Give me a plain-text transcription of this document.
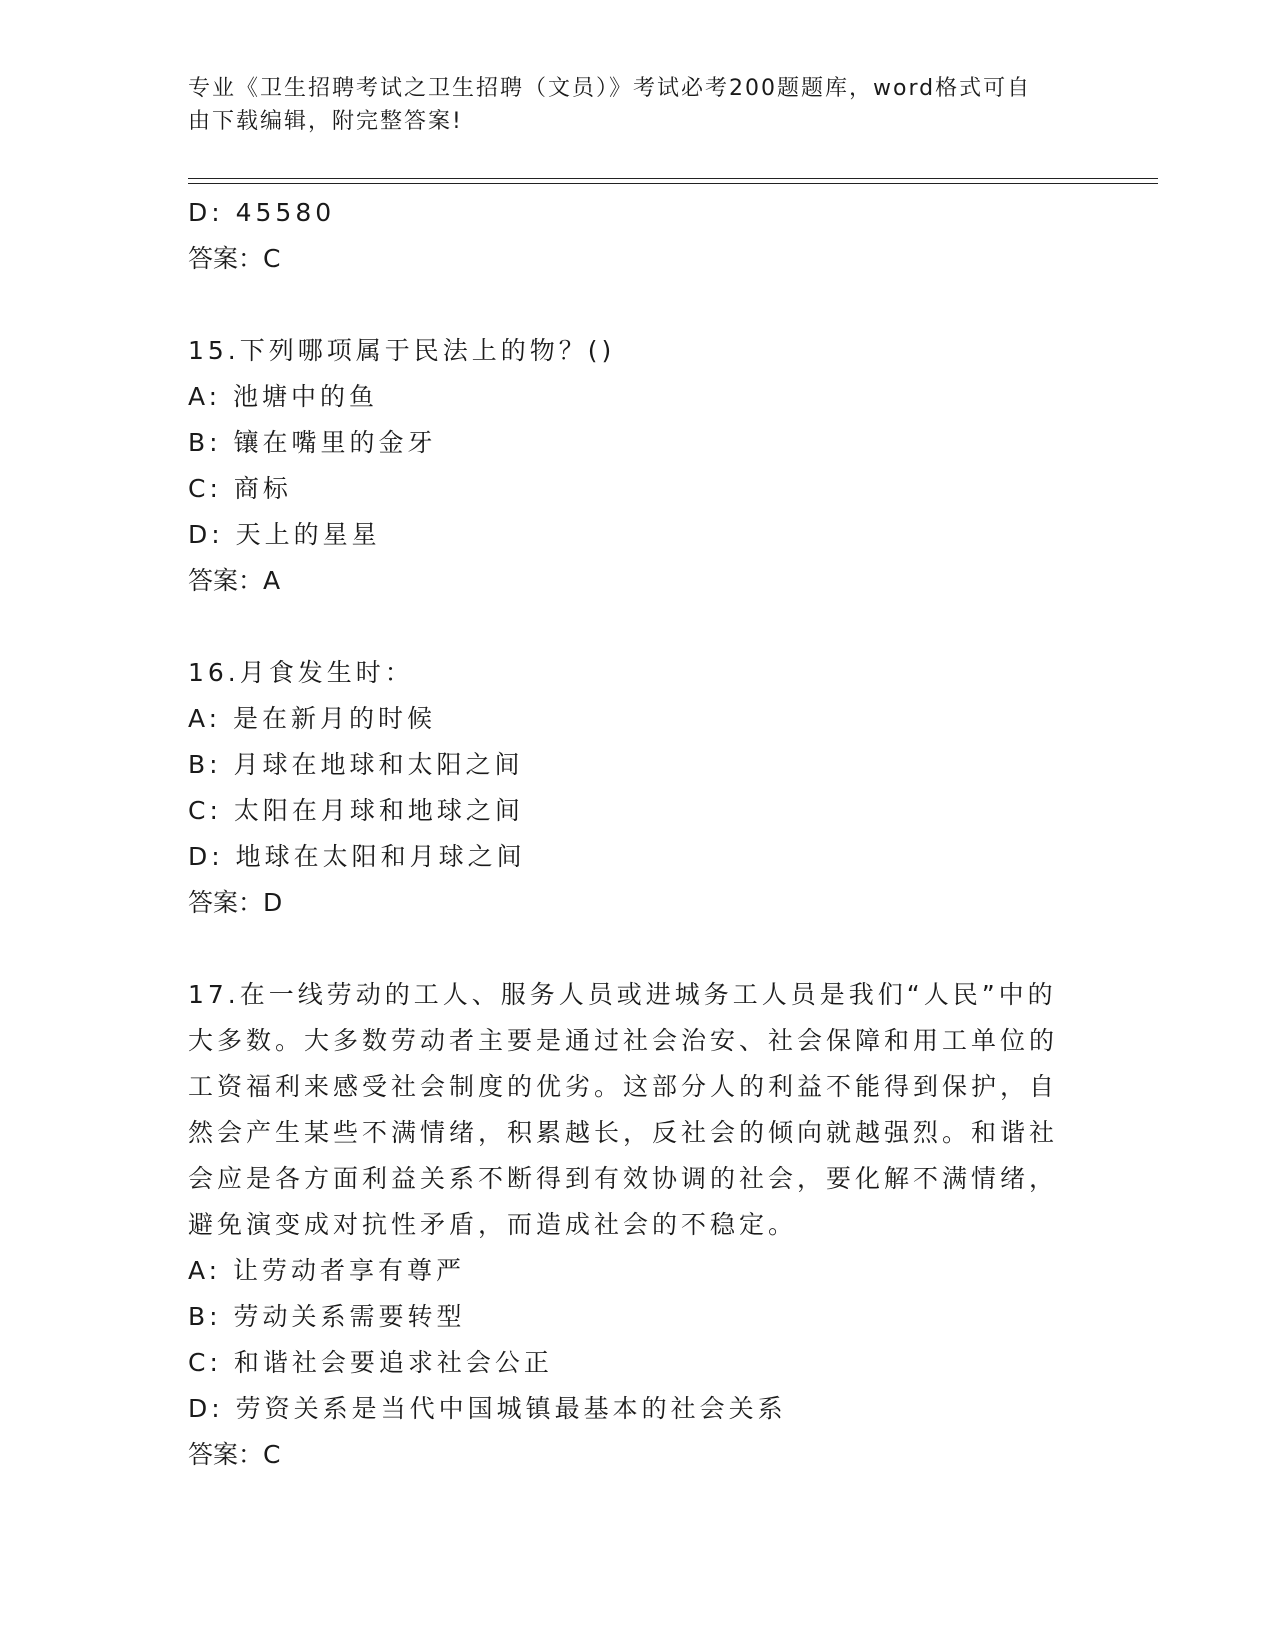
专业《卫生招聘考试之卫生招聘（文员）》考试必考200题题库，word格式可自
由下载编辑，附完整答案!
D: 45580
答案：C
15.下列哪项属于民法上的物？()
A: 池塘中的鱼
B: 镶在嘴里的金牙
C: 商标
D: 天上的星星
答案：A
16.月食发生时：
A: 是在新月的时候
B: 月球在地球和太阳之间
C: 太阳在月球和地球之间
D: 地球在太阳和月球之间
答案：D
17.在一线劳动的工人、服务人员或进城务工人员是我们“人民”中的
大多数。大多数劳动者主要是通过社会治安、社会保障和用工单位的
工资福利来感受社会制度的优劣。这部分人的利益不能得到保护，自
然会产生某些不满情绪，积累越长，反社会的倾向就越强烈。和谐社
会应是各方面利益关系不断得到有效协调的社会，要化解不满情绪，
避免演变成对抗性矛盾，而造成社会的不稳定。
A: 让劳动者享有尊严
B: 劳动关系需要转型
C: 和谐社会要追求社会公正
D: 劳资关系是当代中国城镇最基本的社会关系
答案：C
